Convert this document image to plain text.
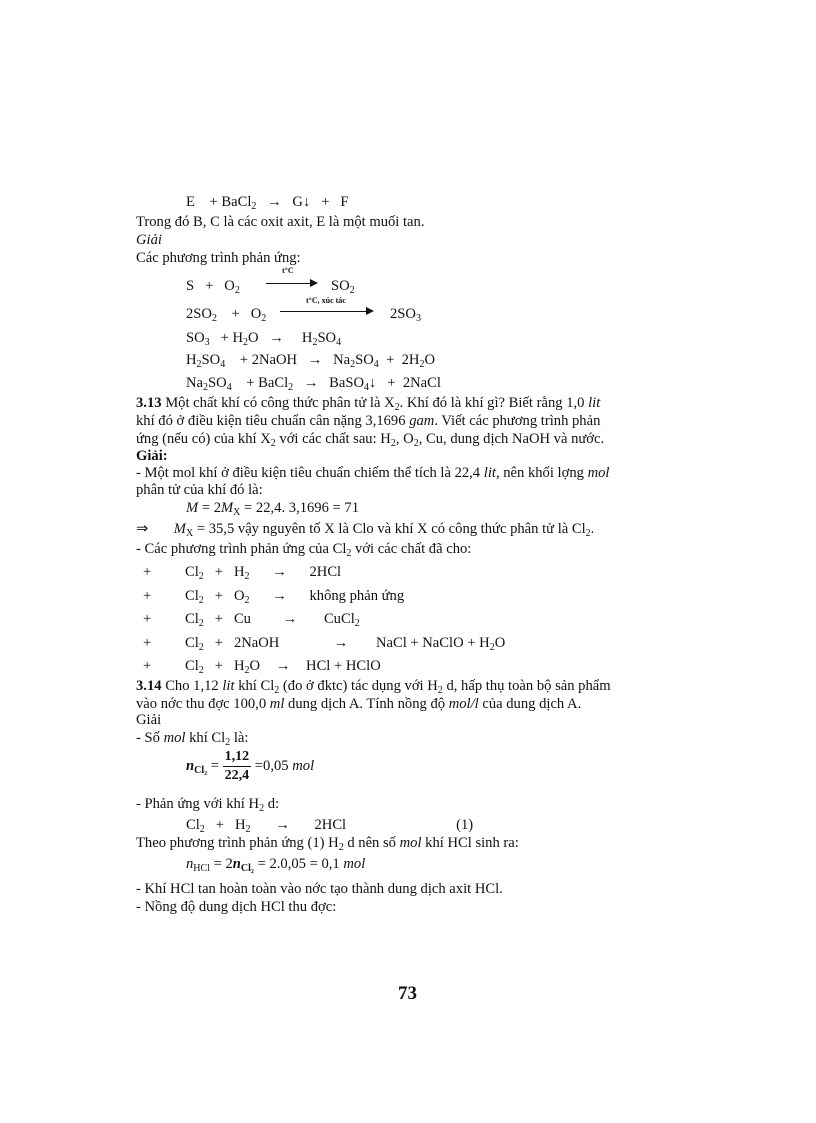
E + BaCl$_2$ → G↓ + F
Trong đó B, C là các oxit axit, E là một muối tan.
Giải
Các phương trình phản ứng:
$S + O_2$
t°C
→ $SO_2$
$2SO_2 + O_2$
t°C, xúc tác
$2SO_3$
$SO_3 + H_2O \to H_2SO_4$
$H_2SO_4$ + 2NaOH → $Na_2SO_4 + 2H_2O$
$Na_2SO_4$ + BaCl$_2$ → BaSO$_4$↓ + 2NaCl
3.13 Một chất khí có công thức phân tử là $X_2$. Khí đó là khí gì? Biết rằng 1,0 lit
khí đó ở điều kiện tiêu chuẩn cân nặng 3,1696 gam. Viết các phương trình phản
ứng (nếu có) của khí $X_2$ với các chất sau: $H_2$, $O_2$, Cu, dung dịch NaOH và nước.
Giải:
- Một mol khí ở điều kiện tiêu chuẩn chiếm thể tích là 22,4 lit, nên khối lợng mol
phân tử của khí đó là:
$M = 2M_X = 22,4$. 3,1696 = 71
⇒ $M_X = 35,5$ vậy nguyên tố X là Clo và khí X có công thức phân tử là $Cl_2$.
- Các phương trình phản ứng của $Cl_2$ với các chất đã cho:
+ $Cl_2 + H_2 \to 2HCl$
+ $Cl_2 + O_2$ → không phản ứng
+ $Cl_2 + Cu$ → CuCl$_2$
+ $Cl_2$ + 2NaOH	→ NaCl + NaClO + $H_2O$
+ $Cl_2 + H_2O$ → HCl + HClO
3.14 Cho 1,12 lit khí $Cl_2$ (đo ở đktc) tác dụng với $H_2$ d, hấp thụ toàn bộ sản phẩm
vào nớc thu đợc 100,0 ml dung dịch A. Tính nồng độ mol/l của dung dịch A.
Giải
- Số mol khí $Cl_2$ là:
$n_{Cl_2} = \frac{1,12}{22,4} =0,05$ mol
- Phản ứng với khí $H_2$ d:
$Cl_2 + H_2 \to 2HCl$	(1)
Theo phương trình phản ứng (1) $H_2$ d nên số mol khí HCl sinh ra:
$n_{HCl} = 2n_{Cl_2} = 2.0,05 = 0,1$ mol
- Khí HCl tan hoàn toàn vào nớc tạo thành dung dịch axit HCl.
- Nồng độ dung dịch HCl thu đợc:
73
